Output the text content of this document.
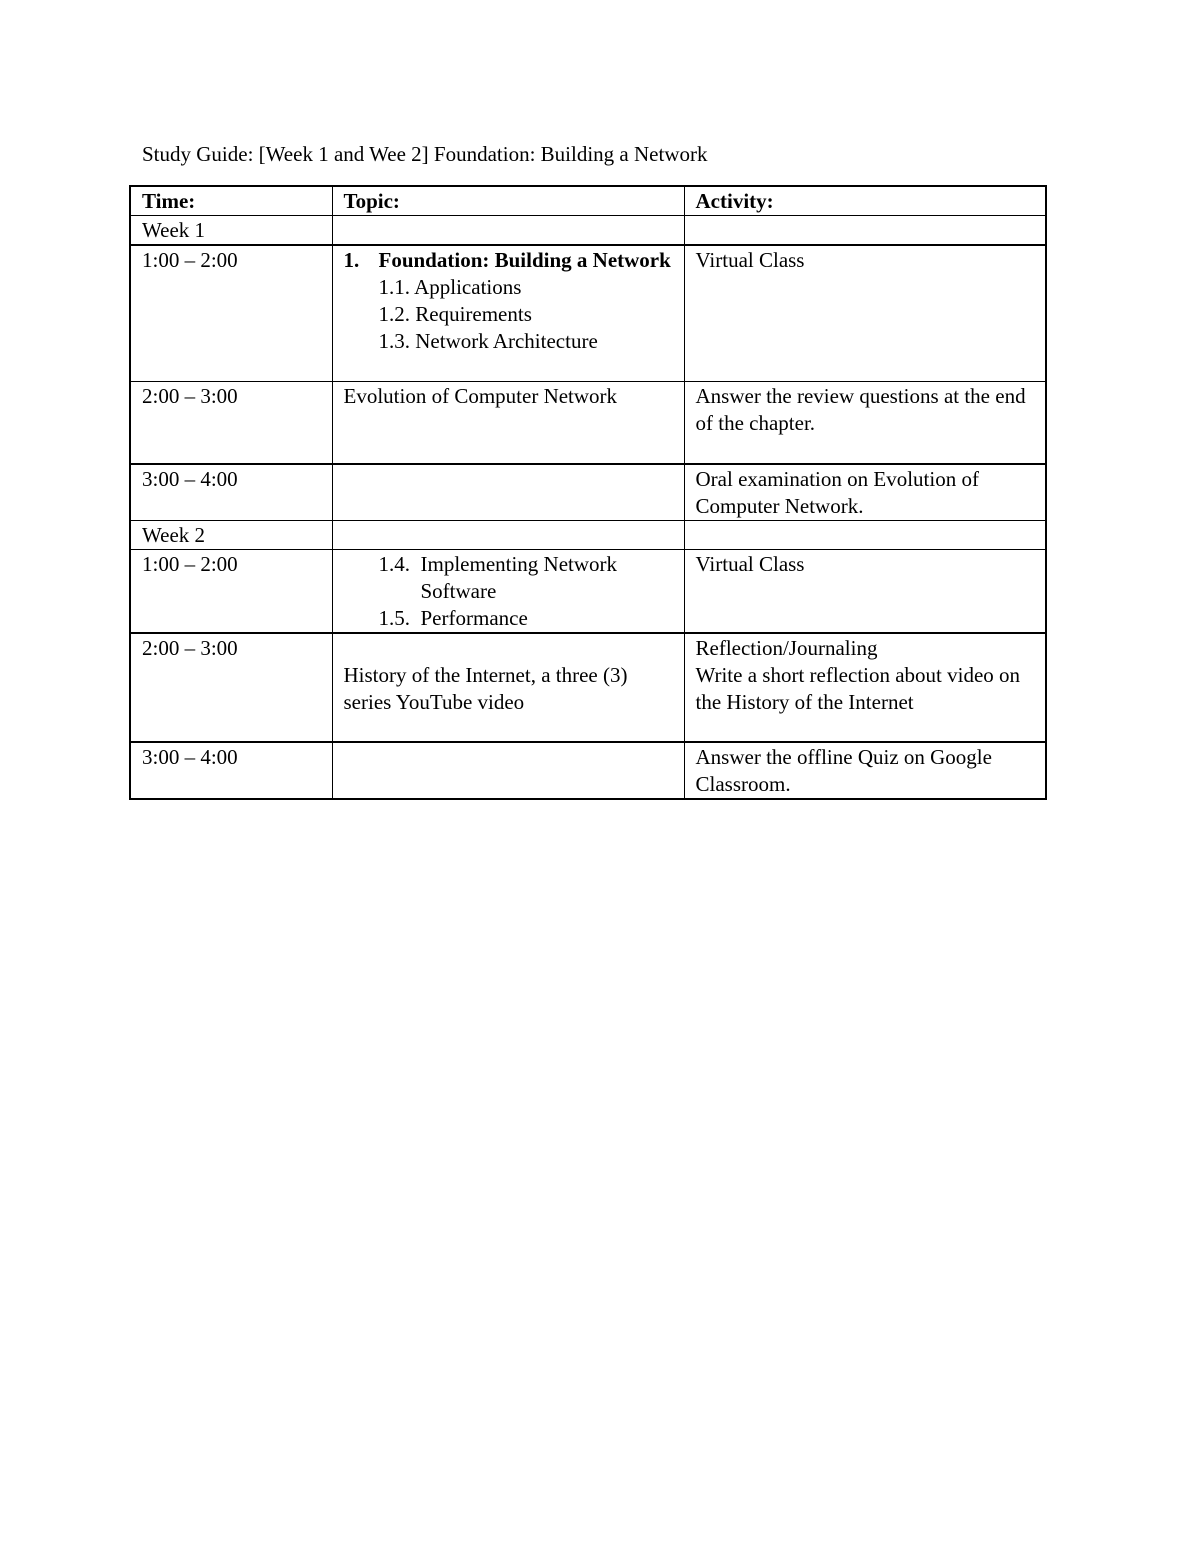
Study Guide: [Week 1 and Wee 2] Foundation: Building a Network
Time:	Topic:	Activity:
Week 1		
1:00 – 2:00	1. Foundation: Building a Network
1.1. Applications
1.2. Requirements
1.3. Network Architecture	Virtual Class
2:00 – 3:00	Evolution of Computer Network	Answer the review questions at the end of the chapter.
3:00 – 4:00		Oral examination on Evolution of Computer Network.
Week 2		
1:00 – 2:00	1.4. Implementing Network Software
1.5. Performance	Virtual Class
2:00 – 3:00	History of the Internet, a three (3) series YouTube video	Reflection/Journaling
Write a short reflection about video on the History of the Internet

3:00 – 4:00		Answer the offline Quiz on Google Classroom.
